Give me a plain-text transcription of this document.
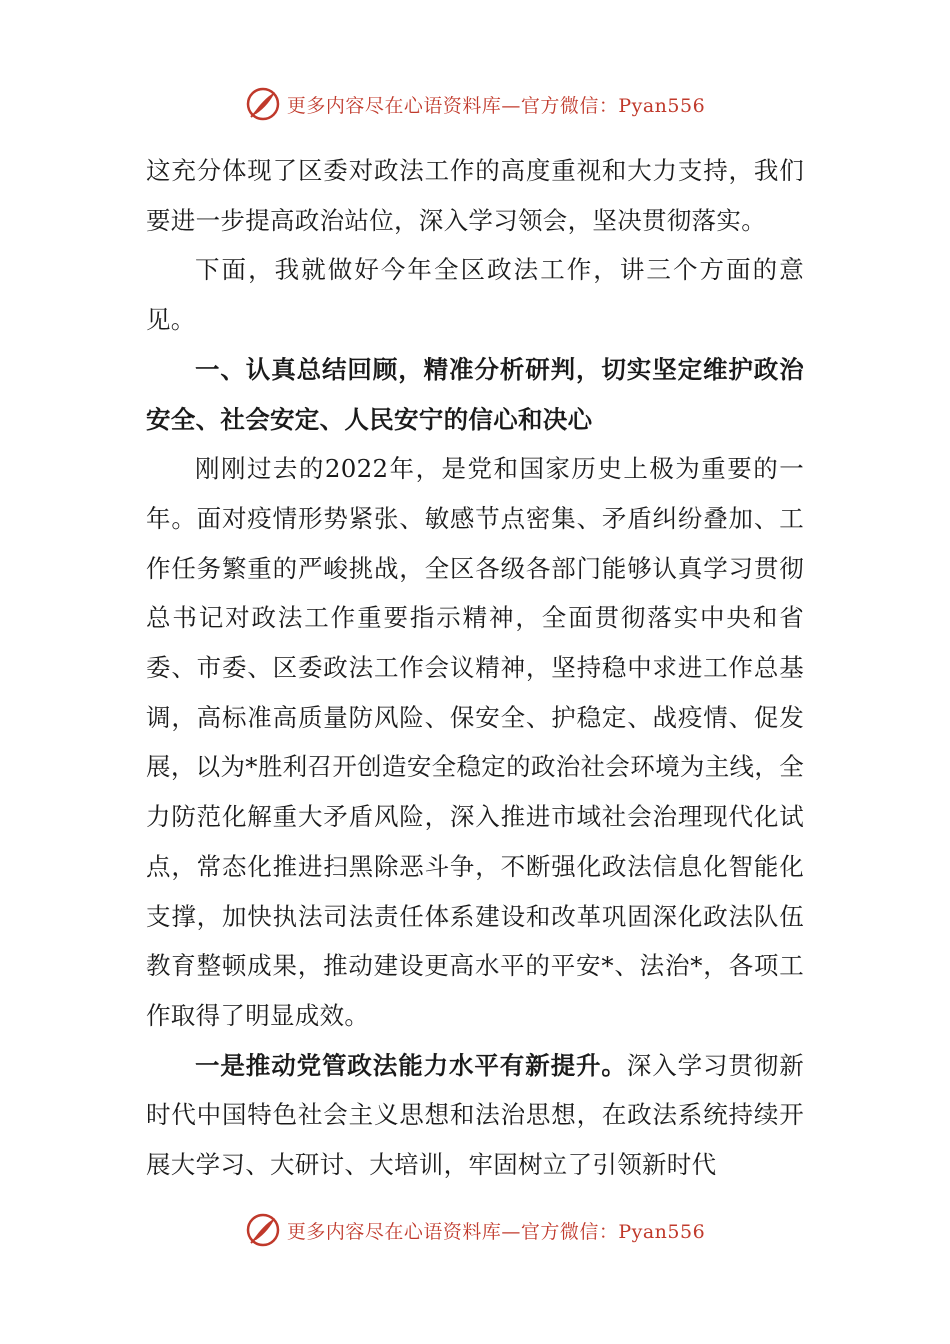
更多内容尽在心语资料库—官方微信：Pyan556

这充分体现了区委对政法工作的高度重视和大力支持，我们要进一步提高政治站位，深入学习领会，坚决贯彻落实。

下面，我就做好今年全区政法工作，讲三个方面的意见。

一、认真总结回顾，精准分析研判，切实坚定维护政治安全、社会安定、人民安宁的信心和决心

刚刚过去的2022年，是党和国家历史上极为重要的一年。面对疫情形势紧张、敏感节点密集、矛盾纠纷叠加、工作任务繁重的严峻挑战，全区各级各部门能够认真学习贯彻总书记对政法工作重要指示精神，全面贯彻落实中央和省委、市委、区委政法工作会议精神，坚持稳中求进工作总基调，高标准高质量防风险、保安全、护稳定、战疫情、促发展，以为*胜利召开创造安全稳定的政治社会环境为主线，全力防范化解重大矛盾风险，深入推进市域社会治理现代化试点，常态化推进扫黑除恶斗争，不断强化政法信息化智能化支撑，加快执法司法责任体系建设和改革巩固深化政法队伍教育整顿成果，推动建设更高水平的平安*、法治*，各项工作取得了明显成效。

一是推动党管政法能力水平有新提升。深入学习贯彻新时代中国特色社会主义思想和法治思想，在政法系统持续开展大学习、大研讨、大培训，牢固树立了引领新时代

更多内容尽在心语资料库—官方微信：Pyan556
